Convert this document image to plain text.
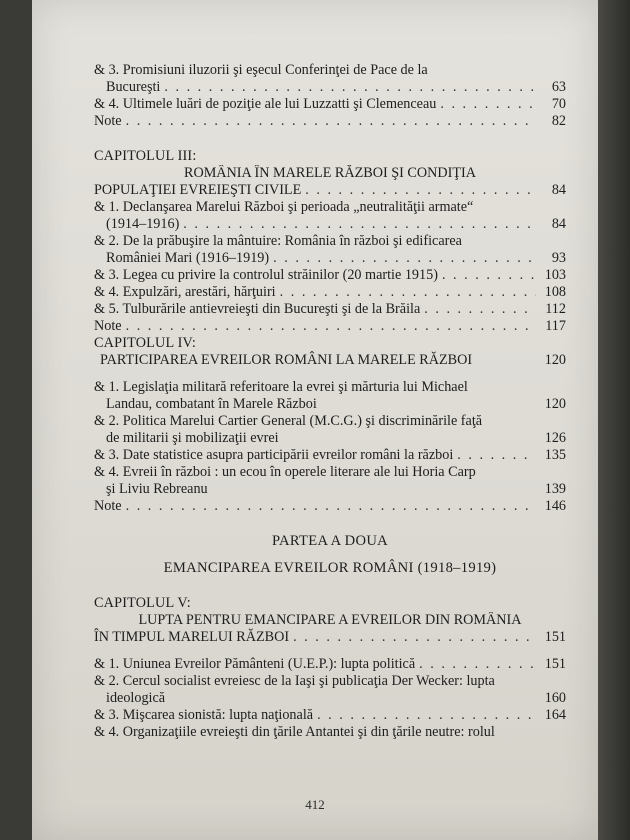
& 3. Promisiuni iluzorii şi eşecul Conferinţei de Pace de la
Bucureşti . . .	63
& 4. Ultimele luări de poziţie ale lui Luzzatti şi Clemenceau . . .	70
Note . . .	82
CAPITOLUL III:
ROMÂNIA ÎN MARELE RĂZBOI ŞI CONDIŢIA
POPULAŢIEI EVREIEŞTI CIVILE . . .	84
& 1. Declanşarea Marelui Război şi perioada „neutralităţii armate“
(1914–1916) . . .	84
& 2. De la prăbuşire la mântuire: România în război şi edificarea
României Mari (1916–1919) . . .	93
& 3. Legea cu privire la controlul străinilor (20 martie 1915) . . .	103
& 4. Expulzări, arestări, hărţuiri . . .	108
& 5. Tulburările antievreieşti din Bucureşti şi de la Brăila . . .	112
Note . . .	117
CAPITOLUL IV:
PARTICIPAREA EVREILOR ROMÂNI LA MARELE RĂZBOI	120
& 1. Legislaţia militară referitoare la evrei şi mărturia lui Michael
Landau, combatant în Marele Război	120
& 2. Politica Marelui Cartier General (M.C.G.) şi discriminările faţă
de militarii şi mobilizaţii evrei	126
& 3. Date statistice asupra participării evreilor români la război . . .	135
& 4. Evreii în război : un ecou în operele literare ale lui Horia Carp
şi Liviu Rebreanu	139
Note . . .	146
PARTEA A DOUA
EMANCIPAREA EVREILOR ROMÂNI (1918–1919)
CAPITOLUL V:
LUPTA PENTRU EMANCIPARE A EVREILOR DIN ROMÂNIA
ÎN TIMPUL MARELUI RĂZBOI . . .	151
& 1. Uniunea Evreilor Pământeni (U.E.P.): lupta politică . . .	151
& 2. Cercul socialist evreiesc de la Iaşi şi publicaţia Der Wecker: lupta
ideologică	160
& 3. Mişcarea sionistă: lupta naţională . . .	164
& 4. Organizaţiile evreieşti din ţările Antantei şi din ţările neutre: rolul
412
